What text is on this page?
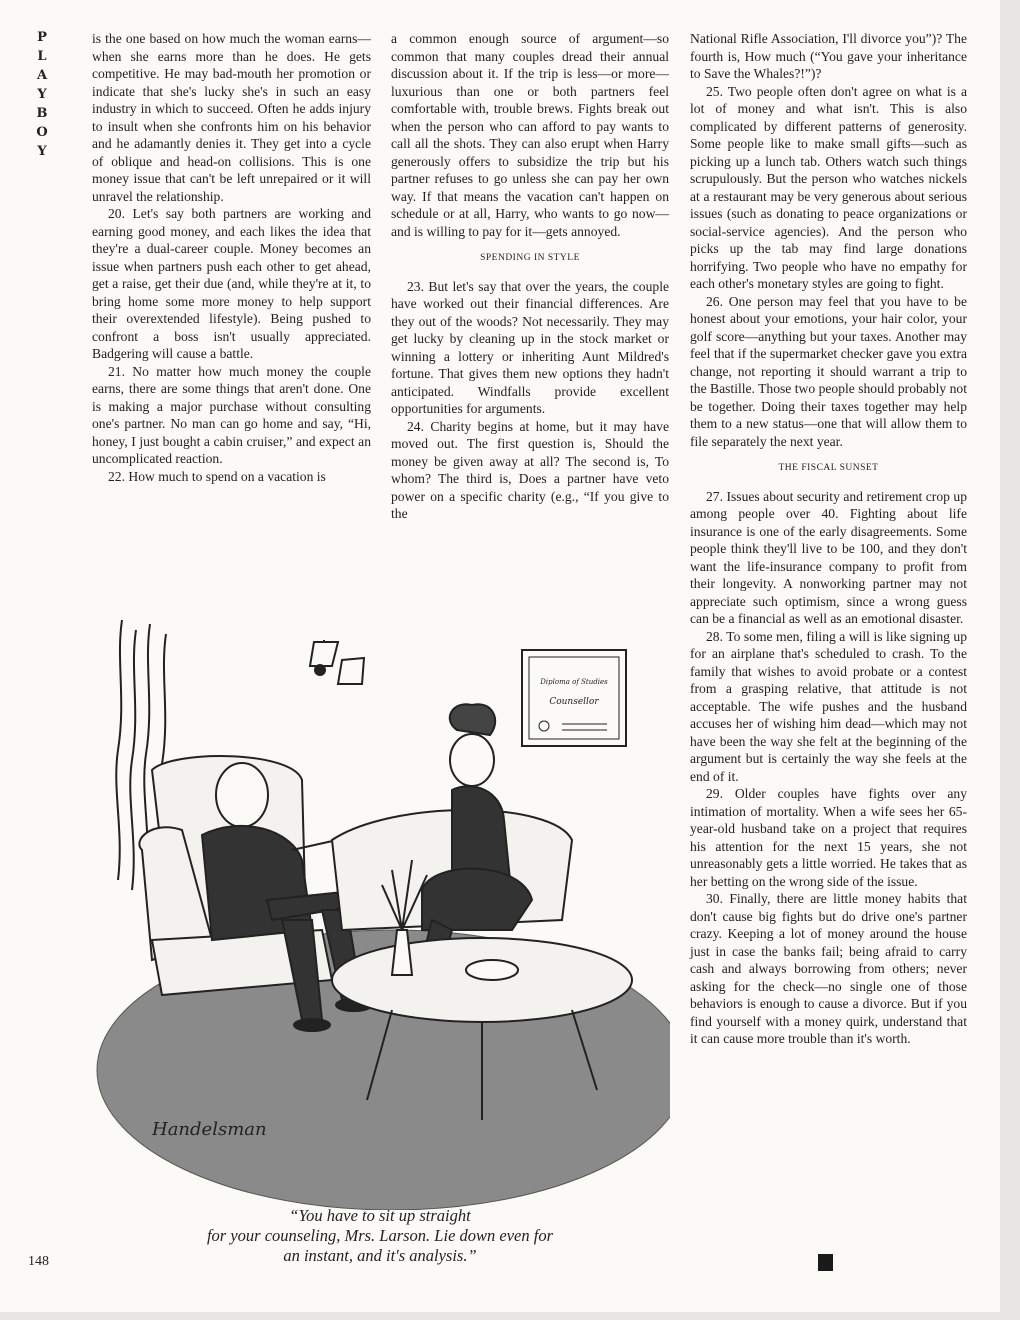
P
L
A
Y
B
O
Y

is the one based on how much the woman earns—when she earns more than he does. He gets competitive. He may bad-mouth her promotion or indicate that she's lucky she's in such an easy industry in which to succeed. Often he adds injury to insult when she confronts him on his behavior and he adamantly denies it. They get into a cycle of oblique and head-on collisions. This is one money issue that can't be left unrepaired or it will unravel the relationship.

20. Let's say both partners are working and earning good money, and each likes the idea that they're a dual-career couple. Money becomes an issue when partners push each other to get ahead, get a raise, get their due (and, while they're at it, to bring home some more money to help support their overextended lifestyle). Being pushed to confront a boss isn't usually appreciated. Badgering will cause a battle.

21. No matter how much money the couple earns, there are some things that aren't done. One is making a major purchase without consulting one's partner. No man can go home and say, “Hi, honey, I just bought a cabin cruiser,” and expect an uncomplicated reaction.

22. How much to spend on a vacation is

a common enough source of argument—so common that many couples dread their annual discussion about it. If the trip is less—or more—luxurious than one or both partners feel comfortable with, trouble brews. Fights break out when the person who can afford to pay wants to call all the shots. They can also erupt when Harry generously offers to subsidize the trip but his partner refuses to go unless she can pay her own way. If that means the vacation can't happen on schedule or at all, Harry, who wants to go now—and is willing to pay for it—gets annoyed.

SPENDING IN STYLE

23. But let's say that over the years, the couple have worked out their financial differences. Are they out of the woods? Not necessarily. They may get lucky by cleaning up in the stock market or winning a lottery or inheriting Aunt Mildred's fortune. That gives them new options they hadn't anticipated. Windfalls provide excellent opportunities for arguments.

24. Charity begins at home, but it may have moved out. The first question is, Should the money be given away at all? The second is, To whom? The third is, Does a partner have veto power on a specific charity (e.g., “If you give to the

National Rifle Association, I'll divorce you”)? The fourth is, How much (“You gave your inheritance to Save the Whales?!”)?

25. Two people often don't agree on what is a lot of money and what isn't. This is also complicated by different patterns of generosity. Some people like to make small gifts—such as picking up a lunch tab. Others watch such things scrupulously. But the person who watches nickels at a restaurant may be very generous about serious issues (such as donating to peace organizations or social-service agencies). And the person who picks up the tab may find large donations horrifying. Two people who have no empathy for each other's monetary styles are going to fight.

26. One person may feel that you have to be honest about your emotions, your hair color, your golf score—anything but your taxes. Another may feel that if the supermarket checker gave you extra change, not reporting it should warrant a trip to the Bastille. Those two people should probably not be together. Doing their taxes together may help them to a new status—one that will allow them to file separately the next year.

THE FISCAL SUNSET

27. Issues about security and retirement crop up among people over 40. Fighting about life insurance is one of the early disagreements. Some people think they'll live to be 100, and they don't want the life-insurance company to profit from their longevity. A nonworking partner may not appreciate such optimism, since a wrong guess can be a financial as well as an emotional disaster.

28. To some men, filing a will is like signing up for an airplane that's scheduled to crash. To the family that wishes to avoid probate or a contest from a grasping relative, that attitude is not acceptable. The wife pushes and the husband accuses her of wishing him dead—which may not have been the way she felt at the beginning of the argument but is certainly the way she feels at the end of it.

29. Older couples have fights over any intimation of mortality. When a wife sees her 65-year-old husband take on a project that requires his attention for the next 15 years, she not unreasonably gets a little worried. He takes that as her betting on the wrong side of the issue.

30. Finally, there are little money habits that don't cause big fights but do drive one's partner crazy. Keeping a lot of money around the house just in case the banks fail; being afraid to carry cash and always borrowing from others; never asking for the check—no single one of those behaviors is enough to cause a divorce. But if you find yourself with a money quirk, understand that it can cause more trouble than it's worth.

Diploma of Studies
Counsellor
Handelsman
“You have to sit up straight
for your counseling, Mrs. Larson. Lie down even for
an instant, and it's analysis.”
148
